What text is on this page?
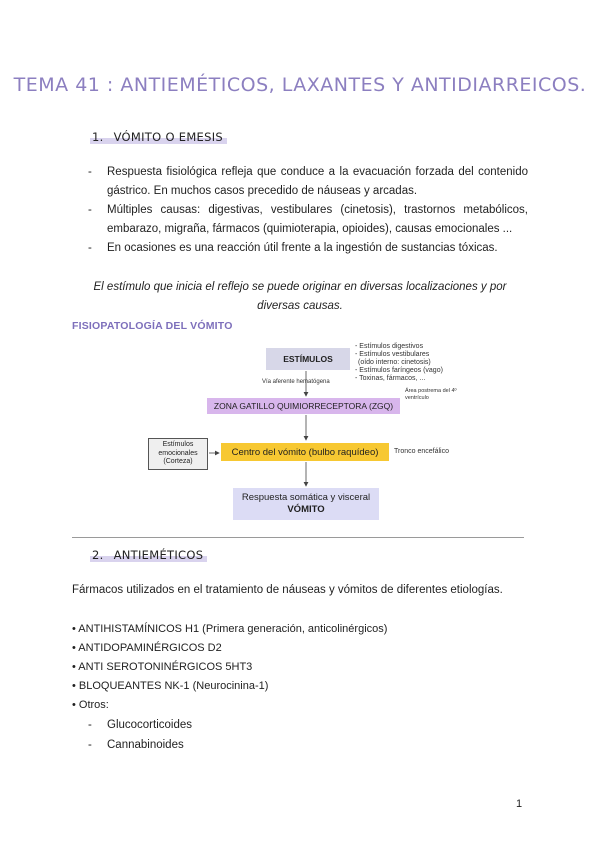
TEMA 41 : ANTIEMÉTICOS, LAXANTES Y ANTIDIARREICOS.
1. VÓMITO O EMESIS
- Respuesta fisiológica refleja que conduce a la evacuación forzada del contenido gástrico. En muchos casos precedido de náuseas y arcadas.
- Múltiples causas: digestivas, vestibulares (cinetosis), trastornos metabólicos, embarazo, migraña, fármacos (quimioterapia, opioides), causas emocionales ...
- En ocasiones es una reacción útil frente a la ingestión de sustancias tóxicas.
El estímulo que inicia el reflejo se puede originar en diversas localizaciones y por diversas causas.
FISIOPATOLOGÍA DEL VÓMITO
ESTÍMULOS
- Estímulos digestivos
- Estímulos vestibulares
(oído interno: cinetosis)
- Estímulos faríngeos (vago)
- Toxinas, fármacos, ...
Vía aferente hematógena
ZONA GATILLO QUIMIORRECEPTORA (ZGQ)
Área postrema del 4º ventrículo
Estímulos emocionales (Corteza)
Centro del vómito (bulbo raquídeo)	Tronco encefálico
Respuesta somática y visceral
VÓMITO
2. ANTIEMÉTICOS
Fármacos utilizados en el tratamiento de náuseas y vómitos de diferentes etiologías.
• ANTIHISTAMÍNICOS H1 (Primera generación, anticolinérgicos)
• ANTIDOPAMINÉRGICOS D2
• ANTI SEROTONINÉRGICOS 5HT3
• BLOQUEANTES NK-1 (Neurocinina-1)
• Otros:
- Glucocorticoides
- Cannabinoides
1
